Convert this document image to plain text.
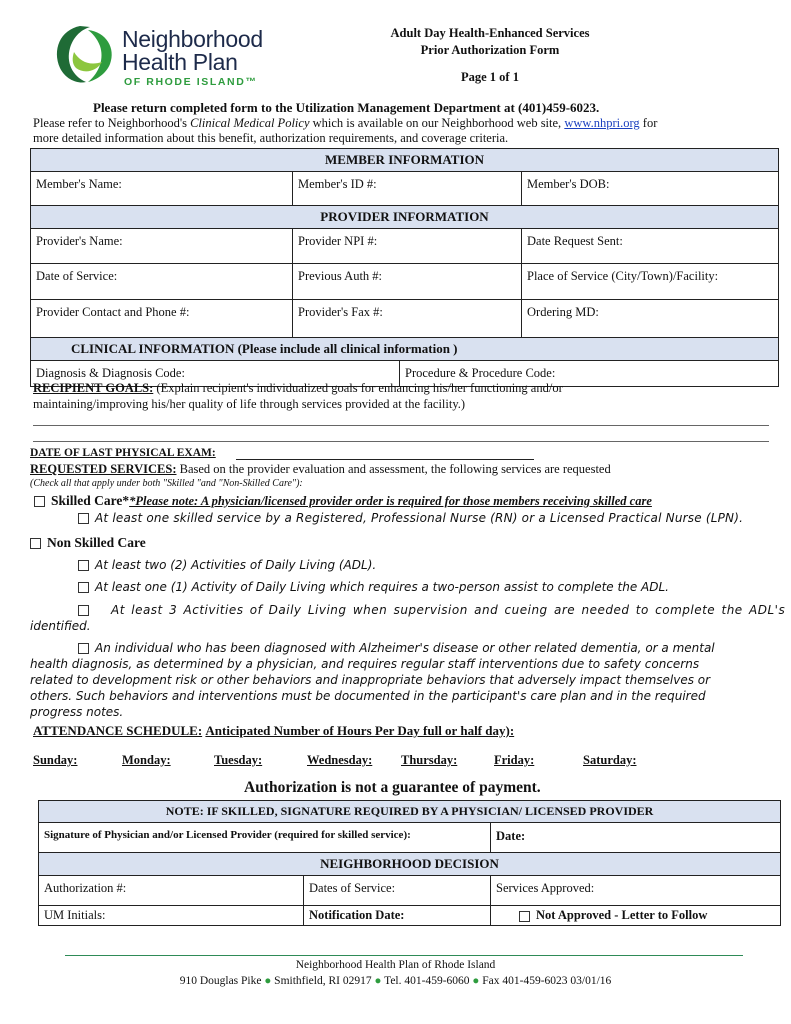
Neighborhood
Health Plan
OF RHODE ISLAND™
Adult Day Health-Enhanced Services
Prior Authorization Form
Page 1 of 1
Please return completed form to the Utilization Management Department at (401)459-6023.
Please refer to Neighborhood's Clinical Medical Policy which is available on our Neighborhood web site, www.nhpri.org for
more detailed information about this benefit, authorization requirements, and coverage criteria.
MEMBER INFORMATION			
Member's Name:	Member's ID #:		Member's DOB:
PROVIDER INFORMATION			
Provider's Name:	Provider NPI #:		Date Request Sent:
Date of Service:	Previous Auth #:		Place of Service (City/Town)/Facility:
Provider Contact and Phone #:	Provider's Fax #:		Ordering MD:
CLINICAL INFORMATION (Please include all clinical information )			
Diagnosis & Diagnosis Code:		Procedure & Procedure Code:	
RECIPIENT GOALS: (Explain recipient's individualized goals for enhancing his/her functioning and/or
maintaining/improving his/her quality of life through services provided at the facility.)
DATE OF LAST PHYSICAL EXAM:
REQUESTED SERVICES: Based on the provider evaluation and assessment, the following services are requested
(Check all that apply under both "Skilled "and "Non-Skilled Care"):
Skilled Care**Please note: A physician/licensed provider order is required for those members receiving skilled care
At least one skilled service by a Registered, Professional Nurse (RN) or a Licensed Practical Nurse (LPN).
Non Skilled Care
At least two (2) Activities of Daily Living (ADL).
At least one (1) Activity of Daily Living which requires a two-person assist to complete the ADL.
At least 3 Activities of Daily Living when supervision and cueing are needed to complete the ADL's
identified.
An individual who has been diagnosed with Alzheimer's disease or other related dementia, or a mental
health diagnosis, as determined by a physician, and requires regular staff interventions due to safety concerns
related to development risk or other behaviors and inappropriate behaviors that adversely impact themselves or
others. Such behaviors and interventions must be documented in the participant's care plan and in the required
progress notes.
ATTENDANCE SCHEDULE: Anticipated Number of Hours Per Day full or half day):
Sunday:	Monday:	Tuesday:	Wednesday: Thursday:	Friday:	Saturday:
Authorization is not a guarantee of payment.
NOTE: IF SKILLED, SIGNATURE REQUIRED BY A PHYSICIAN/ LICENSED PROVIDER		
Signature of Physician and/or Licensed Provider (required for skilled service):		Date:
NEIGHBORHOOD DECISION		
Authorization #:	Dates of Service:	Services Approved:
UM Initials:	Notification Date:	Not Approved - Letter to Follow
Neighborhood Health Plan of Rhode Island
910 Douglas Pike ● Smithfield, RI 02917 ● Tel. 401-459-6060 ● Fax 401-459-6023 03/01/16
